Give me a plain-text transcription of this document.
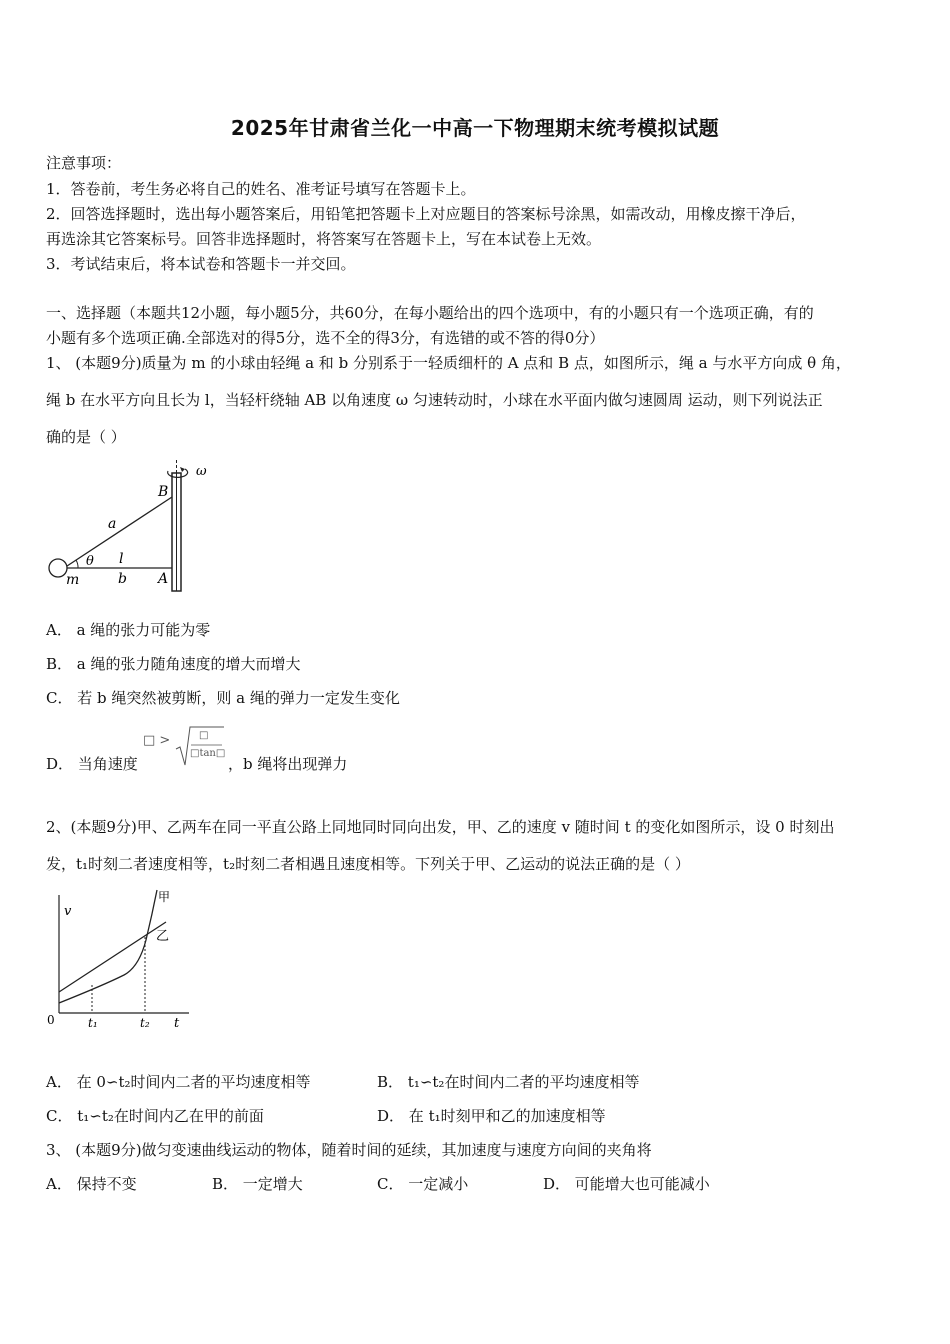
2025年甘肃省兰化一中高一下物理期末统考模拟试题
注意事项：
1．答卷前，考生务必将自己的姓名、准考证号填写在答题卡上。
2．回答选择题时，选出每小题答案后，用铅笔把答题卡上对应题目的答案标号涂黑，如需改动，用橡皮擦干净后，
再选涂其它答案标号。回答非选择题时，将答案写在答题卡上，写在本试卷上无效。
3．考试结束后，将本试卷和答题卡一并交回。
一、选择题（本题共12小题，每小题5分，共60分，在每小题给出的四个选项中，有的小题只有一个选项正确，有的
小题有多个选项正确.全部选对的得5分，选不全的得3分，有选错的或不答的得0分）
1、 (本题9分)质量为 m 的小球由轻绳 a 和 b 分别系于一轻质细杆的 A 点和 B 点，如图所示，绳 a 与水平方向成 θ 角，
绳 b 在水平方向且长为 l，当轻杆绕轴 AB 以角速度 ω 匀速转动时，小球在水平面内做匀速圆周 运动，则下列说法正
确的是（ ）
ω
B
a
θ l
b A
m
A． a 绳的张力可能为零
B． a 绳的张力随角速度的增大而增大
C． 若 b 绳突然被剪断，则 a 绳的弹力一定发生变化
D． 当角速度
□ >	□
□tan□
，b 绳将出现弹力
2、(本题9分)甲、乙两车在同一平直公路上同地同时同向出发，甲、乙的速度 v 随时间 t 的变化如图所示，设 0 时刻出
发，t₁时刻二者速度相等，t₂时刻二者相遇且速度相等。下列关于甲、乙运动的说法正确的是（ ）
v
甲
乙
0	t₁	t₂ t
A． 在 0∽t₂时间内二者的平均速度相等	B． t₁∽t₂在时间内二者的平均速度相等
C． t₁∽t₂在时间内乙在甲的前面	D． 在 t₁时刻甲和乙的加速度相等
3、 (本题9分)做匀变速曲线运动的物体，随着时间的延续，其加速度与速度方向间的夹角将
A． 保持不变	B． 一定增大	C． 一定减小	D． 可能增大也可能减小
